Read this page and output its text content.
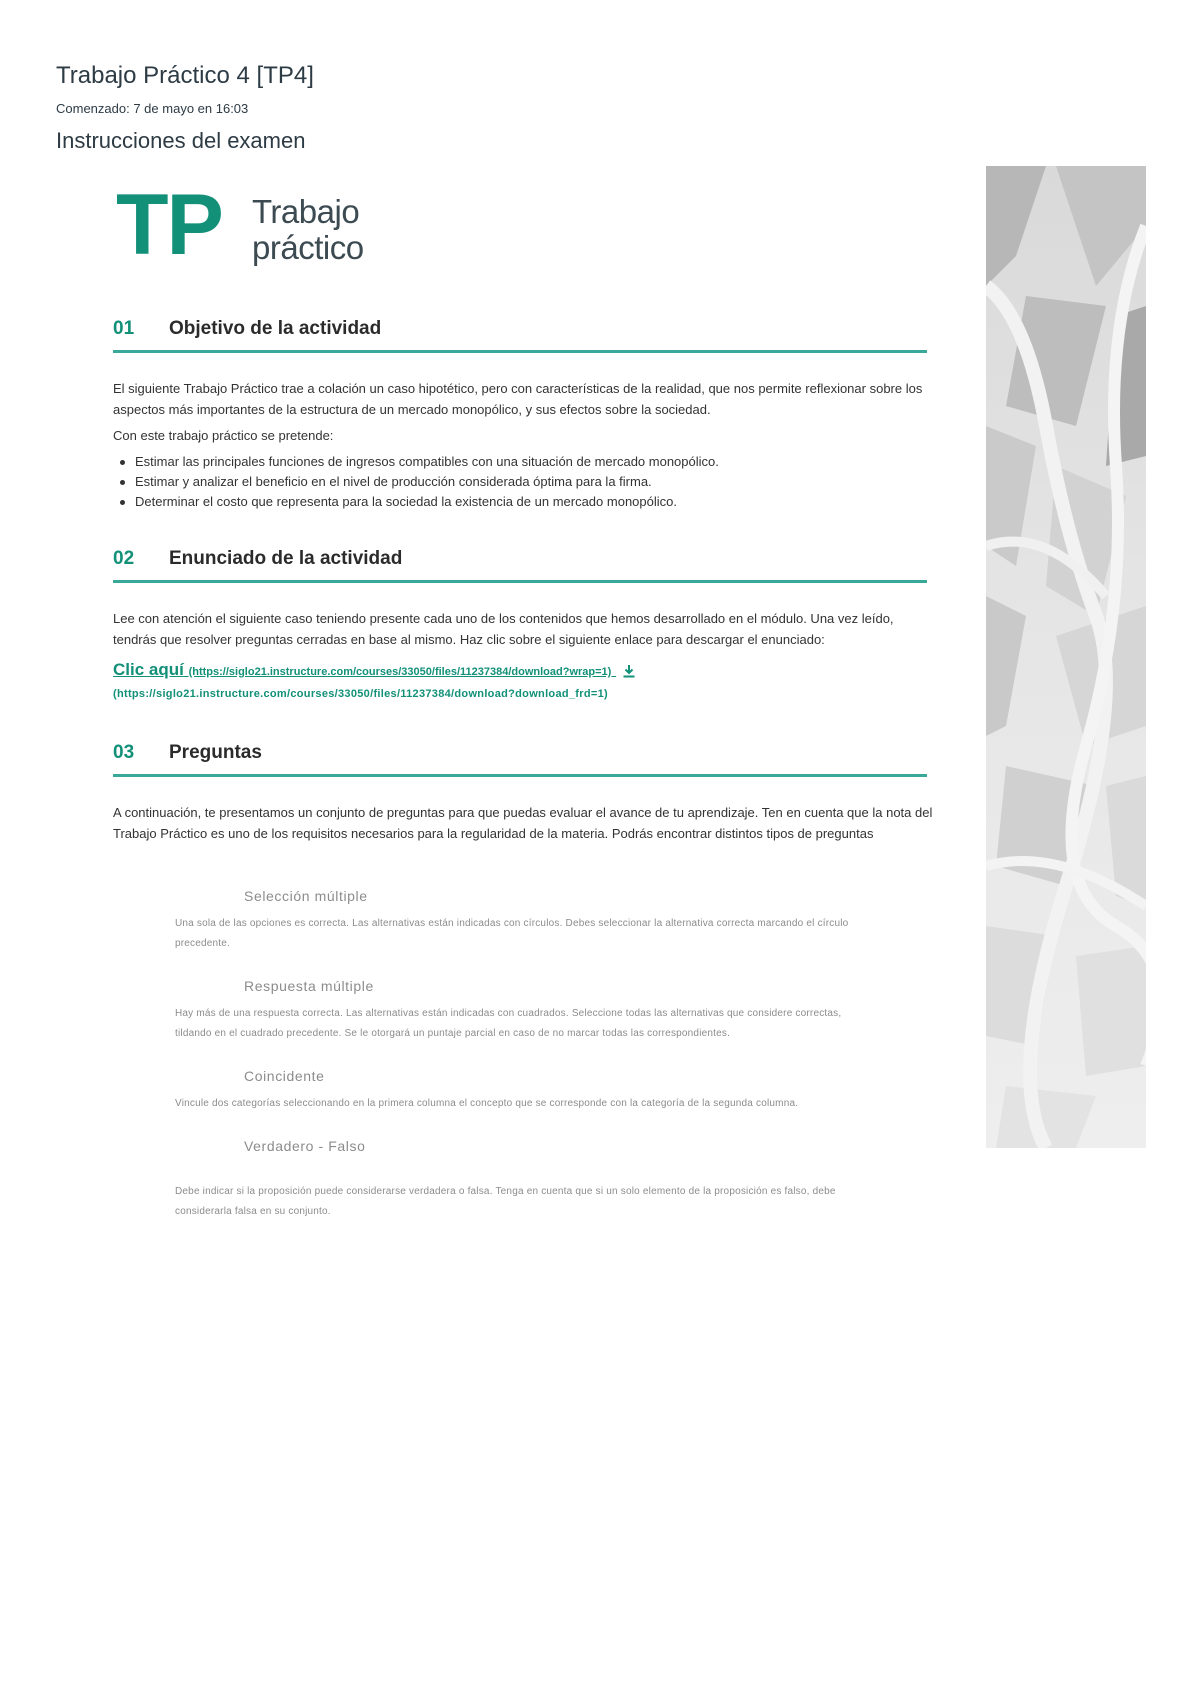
Trabajo Práctico 4 [TP4]
Comenzado: 7 de mayo en 16:03
Instrucciones del examen
TP Trabajo
práctico
01 Objetivo de la actividad

El siguiente Trabajo Práctico trae a colación un caso hipotético, pero con características de la realidad, que nos permite reflexionar sobre los aspectos más importantes de la estructura de un mercado monopólico, y sus efectos sobre la sociedad.

Con este trabajo práctico se pretende:

Estimar las principales funciones de ingresos compatibles con una situación de mercado monopólico.
Estimar y analizar el beneficio en el nivel de producción considerada óptima para la firma.
Determinar el costo que representa para la sociedad la existencia de un mercado monopólico.
02 Enunciado de la actividad

Lee con atención el siguiente caso teniendo presente cada uno de los contenidos que hemos desarrollado en el módulo. Una vez leído, tendrás que resolver preguntas cerradas en base al mismo. Haz clic sobre el siguiente enlace para descargar el enunciado:

Clic aquí (https://siglo21.instructure.com/courses/33050/files/11237384/download?wrap=1)
(https://siglo21.instructure.com/courses/33050/files/11237384/download?download_frd=1)
03 Preguntas

A continuación, te presentamos un conjunto de preguntas para que puedas evaluar el avance de tu aprendizaje. Ten en cuenta que la nota del Trabajo Práctico es uno de los requisitos necesarios para la regularidad de la materia. Podrás encontrar distintos tipos de preguntas

Selección múltiple

Una sola de las opciones es correcta. Las alternativas están indicadas con círculos. Debes seleccionar la alternativa correcta marcando el círculo precedente.

Respuesta múltiple

Hay más de una respuesta correcta. Las alternativas están indicadas con cuadrados. Seleccione todas las alternativas que considere correctas, tildando en el cuadrado precedente. Se le otorgará un puntaje parcial en caso de no marcar todas las correspondientes.

Coincidente

Vincule dos categorías seleccionando en la primera columna el concepto que se corresponde con la categoría de la segunda columna.

Verdadero - Falso

Debe indicar si la proposición puede considerarse verdadera o falsa. Tenga en cuenta que si un solo elemento de la proposición es falso, debe considerarla falsa en su conjunto.
